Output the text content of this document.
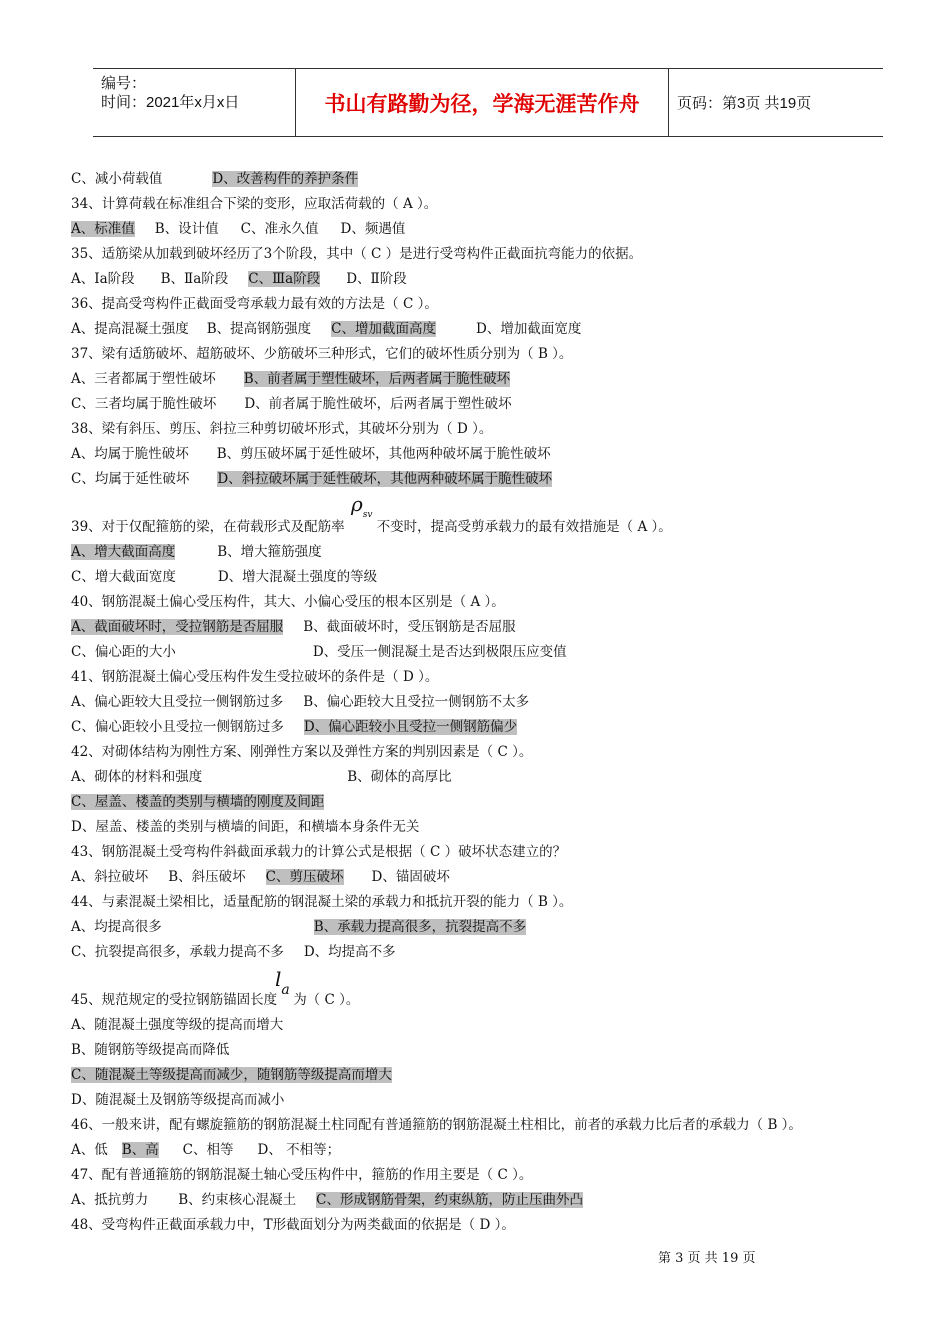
编号：
时间：2021年x月x日	书山有路勤为径，学海无涯苦作舟	页码：第3页 共19页
C、减小荷载值	D、改善构件的养护条件
34、计算荷载在标准组合下梁的变形，应取活荷载的（ A ）。
A、标准值 B、设计值 C、准永久值 D、频遇值
35、适筋梁从加载到破坏经历了3个阶段，其中（ C ）是进行受弯构件正截面抗弯能力的依据。
A、Ⅰa阶段 B、Ⅱa阶段 C、Ⅲa阶段 D、Ⅱ阶段
36、提高受弯构件正截面受弯承载力最有效的方法是（ C ）。
A、提高混凝土强度 B、提高钢筋强度 C、增加截面高度	D、增加截面宽度
37、梁有适筋破坏、超筋破坏、少筋破坏三种形式，它们的破坏性质分别为（ B ）。
A、三者都属于塑性破坏 B、前者属于塑性破坏，后两者属于脆性破坏
C、三者均属于脆性破坏 D、前者属于脆性破坏，后两者属于塑性破坏
38、梁有斜压、剪压、斜拉三种剪切破坏形式，其破坏分别为（ D ）。
A、均属于脆性破坏 B、剪压破坏属于延性破坏，其他两种破坏属于脆性破坏
C、均属于延性破坏 D、斜拉破坏属于延性破坏，其他两种破坏属于脆性破坏
39、对于仅配箍筋的梁，在荷载形式及配筋率 不变时，提高受剪承载力的最有效措施是（ A ）。
$\rho_{sv}$
A、增大截面高度	B、增大箍筋强度
C、增大截面宽度	D、增大混凝土强度的等级
40、钢筋混凝土偏心受压构件，其大、小偏心受压的根本区别是（ A ）。
A、截面破坏时，受拉钢筋是否屈服 B、截面破坏时，受压钢筋是否屈服
C、偏心距的大小	D、受压一侧混凝土是否达到极限压应变值
41、钢筋混凝土偏心受压构件发生受拉破坏的条件是（ D ）。
A、偏心距较大且受拉一侧钢筋过多 B、偏心距较大且受拉一侧钢筋不太多
C、偏心距较小且受拉一侧钢筋过多 D、偏心距较小且受拉一侧钢筋偏少
42、对砌体结构为刚性方案、刚弹性方案以及弹性方案的判别因素是（ C ）。
A、砌体的材料和强度	B、砌体的高厚比
C、屋盖、楼盖的类别与横墙的刚度及间距
D、屋盖、楼盖的类别与横墙的间距，和横墙本身条件无关
43、钢筋混凝土受弯构件斜截面承载力的计算公式是根据（ C ）破坏状态建立的？
A、斜拉破坏 B、斜压破坏 C、剪压破坏 D、锚固破坏
44、与素混凝土梁相比，适量配筋的钢混凝土梁的承载力和抵抗开裂的能力（ B ）。
A、均提高很多	B、承载力提高很多，抗裂提高不多
C、抗裂提高很多，承载力提高不多 D、均提高不多
45、规范规定的受拉钢筋锚固长度 为（ C ）。
$l_a$
A、随混凝土强度等级的提高而增大
B、随钢筋等级提高而降低
C、随混凝土等级提高而减少，随钢筋等级提高而增大
D、随混凝土及钢筋等级提高而减小
46、一般来讲，配有螺旋箍筋的钢筋混凝土柱同配有普通箍筋的钢筋混凝土柱相比，前者的承载力比后者的承载力（ B ）。
A、低 B、高 C、相等 D、 不相等；
47、配有普通箍筋的钢筋混凝土轴心受压构件中，箍筋的作用主要是（ C ）。
A、抵抗剪力 B、约束核心混凝土 C、形成钢筋骨架，约束纵筋，防止压曲外凸
48、受弯构件正截面承载力中，T形截面划分为两类截面的依据是（ D ）。
第 3 页 共 19 页
